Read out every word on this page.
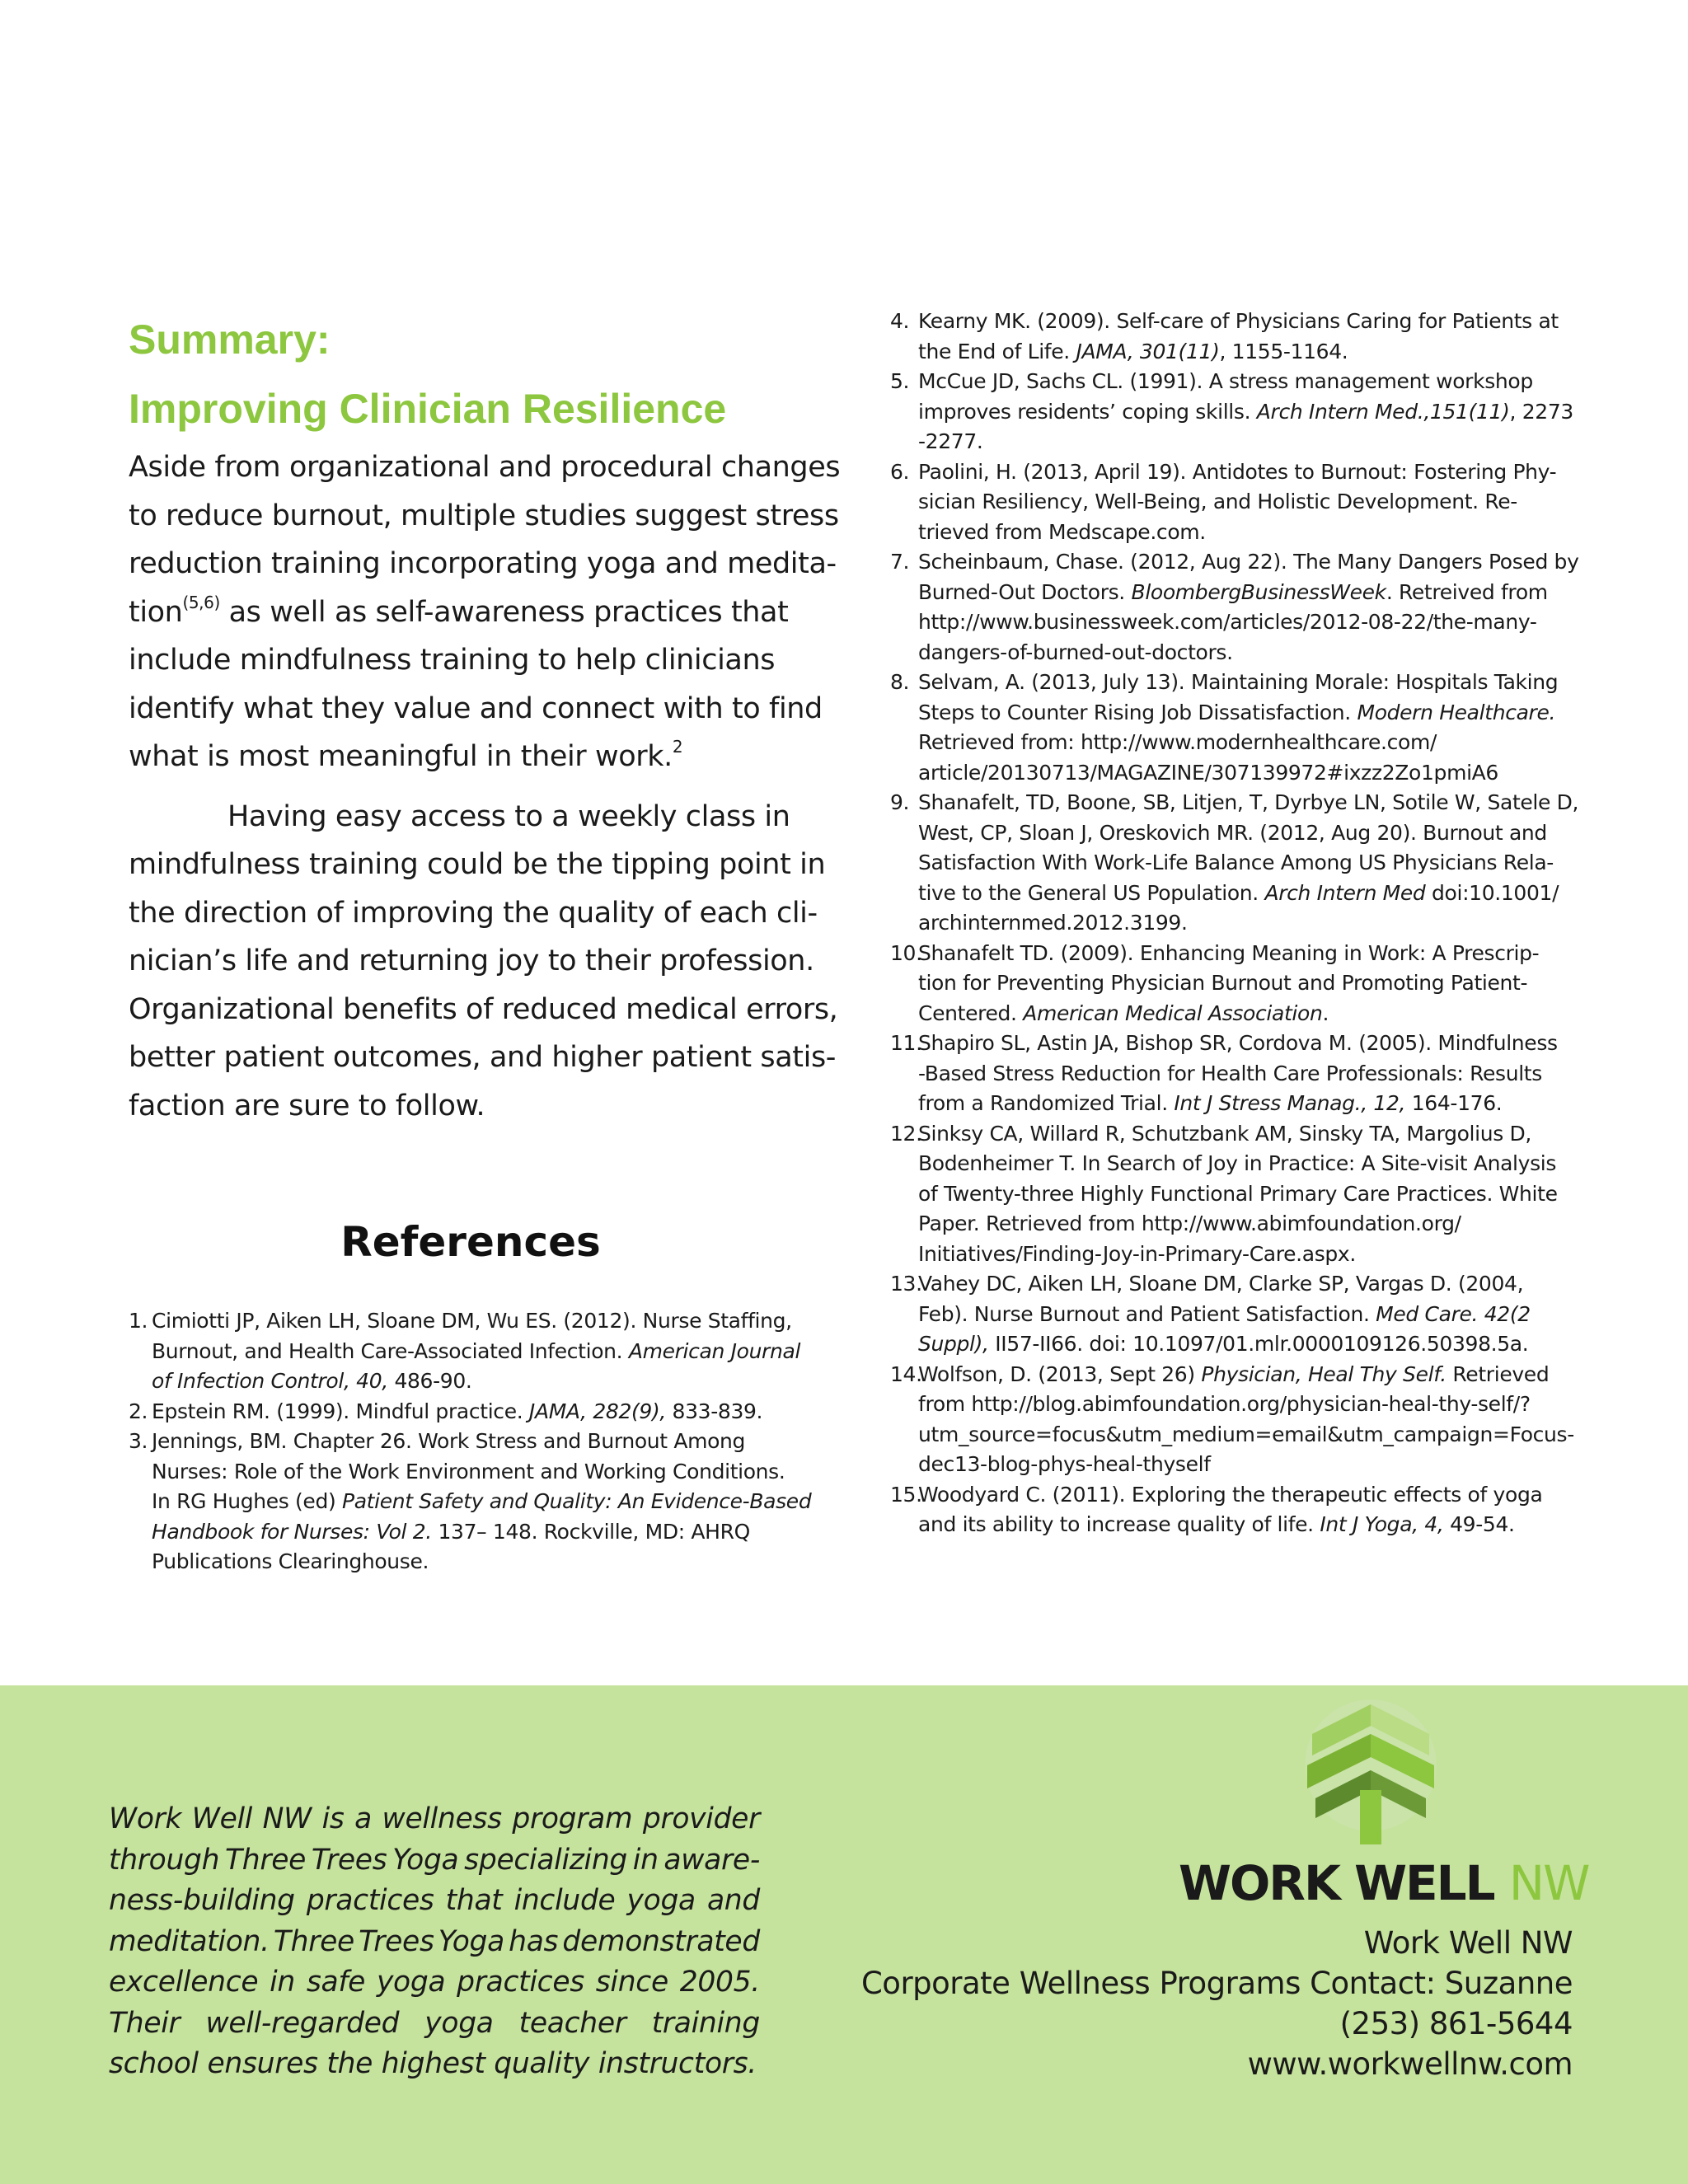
Summary:
Improving Clinician Resilience

Aside from organizational and procedural changes
to reduce burnout, multiple studies suggest stress
reduction training incorporating yoga and medita-
tion$^{(5,6)}$ as well as self-awareness practices that
include mindfulness training to help clinicians
identify what they value and connect with to find
what is most meaningful in their work.$^2$

Having easy access to a weekly class in
mindfulness training could be the tipping point in
the direction of improving the quality of each cli-
nician’s life and returning joy to their profession.
Organizational benefits of reduced medical errors,
better patient outcomes, and higher patient satis-
faction are sure to follow.

References
1. Cimiotti JP, Aiken LH, Sloane DM, Wu ES. (2012). Nurse Staffing,
Burnout, and Health Care-Associated Infection. American Journal
of Infection Control, 40, 486-90.
2. Epstein RM. (1999). Mindful practice. JAMA, 282(9), 833-839.
3. Jennings, BM. Chapter 26. Work Stress and Burnout Among
Nurses: Role of the Work Environment and Working Conditions.
In RG Hughes (ed) Patient Safety and Quality: An Evidence-Based
Handbook for Nurses: Vol 2. 137– 148. Rockville, MD: AHRQ
Publications Clearinghouse.
4. Kearny MK. (2009). Self-care of Physicians Caring for Patients at
the End of Life. JAMA, 301(11), 1155-1164.
5. McCue JD, Sachs CL. (1991). A stress management workshop
improves residents’ coping skills. Arch Intern Med.,151(11), 2273
-2277.
6. Paolini, H. (2013, April 19). Antidotes to Burnout: Fostering Phy-
sician Resiliency, Well-Being, and Holistic Development. Re-
trieved from Medscape.com.
7. Scheinbaum, Chase. (2012, Aug 22). The Many Dangers Posed by
Burned-Out Doctors. BloombergBusinessWeek. Retreived from
http://www.businessweek.com/articles/2012-08-22/the-many-
dangers-of-burned-out-doctors.
8. Selvam, A. (2013, July 13). Maintaining Morale: Hospitals Taking
Steps to Counter Rising Job Dissatisfaction. Modern Healthcare.
Retrieved from: http://www.modernhealthcare.com/
article/20130713/MAGAZINE/307139972#ixzz2Zo1pmiA6
9. Shanafelt, TD, Boone, SB, Litjen, T, Dyrbye LN, Sotile W, Satele D,
West, CP, Sloan J, Oreskovich MR. (2012, Aug 20). Burnout and
Satisfaction With Work-Life Balance Among US Physicians Rela-
tive to the General US Population. Arch Intern Med doi:10.1001/
archinternmed.2012.3199.
10.
Shanafelt TD. (2009). Enhancing Meaning in Work: A Prescrip-
tion for Preventing Physician Burnout and Promoting Patient-
Centered. American Medical Association.
11.
Shapiro SL, Astin JA, Bishop SR, Cordova M. (2005). Mindfulness
-Based Stress Reduction for Health Care Professionals: Results
from a Randomized Trial. Int J Stress Manag., 12, 164-176.
12.
Sinksy CA, Willard R, Schutzbank AM, Sinsky TA, Margolius D,
Bodenheimer T. In Search of Joy in Practice: A Site-visit Analysis
of Twenty-three Highly Functional Primary Care Practices. White
Paper. Retrieved from http://www.abimfoundation.org/
Initiatives/Finding-Joy-in-Primary-Care.aspx.
13.
Vahey DC, Aiken LH, Sloane DM, Clarke SP, Vargas D. (2004,
Feb). Nurse Burnout and Patient Satisfaction. Med Care. 42(2
Suppl), II57-II66. doi: 10.1097/01.mlr.0000109126.50398.5a.
14.
Wolfson, D. (2013, Sept 26) Physician, Heal Thy Self. Retrieved
from http://blog.abimfoundation.org/physician-heal-thy-self/?
utm_source=focus&utm_medium=email&utm_campaign=Focus-
dec13-blog-phys-heal-thyself
15.
Woodyard C. (2011). Exploring the therapeutic effects of yoga
and its ability to increase quality of life. Int J Yoga, 4, 49-54.

Work Well NW is a wellness program provider
through Three Trees Yoga specializing in aware-
ness-building practices that include yoga and
meditation. Three Trees Yoga has demonstrated
excellence in safe yoga practices since 2005.
Their well-regarded yoga teacher training
school ensures the highest quality instructors.

WORK WELL NW
Work Well NW
Corporate Wellness Programs Contact: Suzanne
(253) 861-5644
www.workwellnw.com
